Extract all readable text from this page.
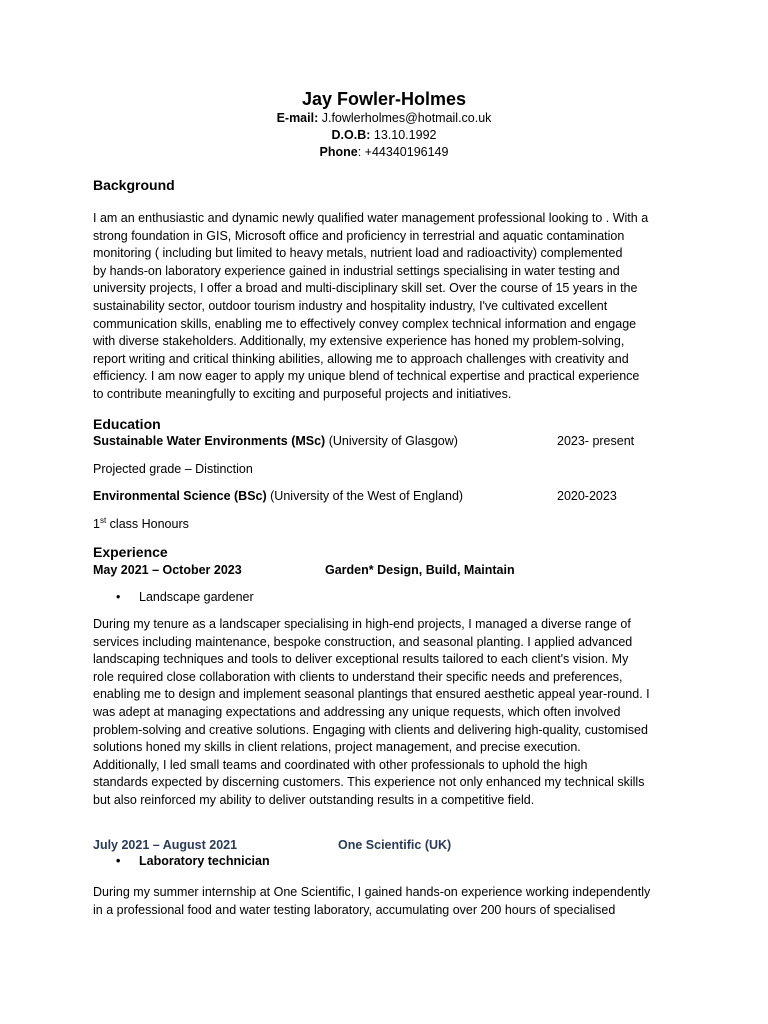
Jay Fowler-Holmes
E-mail: J.fowlerholmes@hotmail.co.uk
D.O.B: 13.10.1992
Phone: +44340196149
Background
I am an enthusiastic and dynamic newly qualified water management professional looking to . With a
strong foundation in GIS, Microsoft office and proficiency in terrestrial and aquatic contamination
monitoring ( including but limited to heavy metals, nutrient load and radioactivity) complemented
by hands-on laboratory experience gained in industrial settings specialising in water testing and
university projects, I offer a broad and multi-disciplinary skill set. Over the course of 15 years in the
sustainability sector, outdoor tourism industry and hospitality industry, I've cultivated excellent
communication skills, enabling me to effectively convey complex technical information and engage
with diverse stakeholders. Additionally, my extensive experience has honed my problem-solving,
report writing and critical thinking abilities, allowing me to approach challenges with creativity and
efficiency. I am now eager to apply my unique blend of technical expertise and practical experience
to contribute meaningfully to exciting and purposeful projects and initiatives.
Education
Sustainable Water Environments (MSc) (University of Glasgow)	2023- present
Projected grade – Distinction
Environmental Science (BSc) (University of the West of England)	2020-2023
1st class Honours
Experience
May 2021 – October 2023	Garden* Design, Build, Maintain
• Landscape gardener
During my tenure as a landscaper specialising in high-end projects, I managed a diverse range of
services including maintenance, bespoke construction, and seasonal planting. I applied advanced
landscaping techniques and tools to deliver exceptional results tailored to each client's vision. My
role required close collaboration with clients to understand their specific needs and preferences,
enabling me to design and implement seasonal plantings that ensured aesthetic appeal year-round. I
was adept at managing expectations and addressing any unique requests, which often involved
problem-solving and creative solutions. Engaging with clients and delivering high-quality, customised
solutions honed my skills in client relations, project management, and precise execution.
Additionally, I led small teams and coordinated with other professionals to uphold the high
standards expected by discerning customers. This experience not only enhanced my technical skills
but also reinforced my ability to deliver outstanding results in a competitive field.
July 2021 – August 2021	One Scientific (UK)
• Laboratory technician
During my summer internship at One Scientific, I gained hands-on experience working independently
in a professional food and water testing laboratory, accumulating over 200 hours of specialised
